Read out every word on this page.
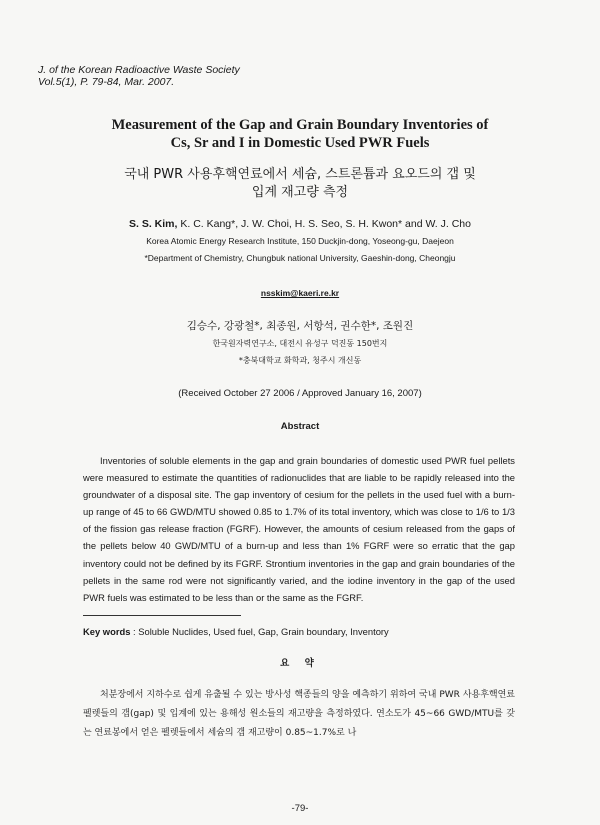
J. of the Korean Radioactive Waste Society
Vol.5(1), P. 79-84, Mar. 2007.
Measurement of the Gap and Grain Boundary Inventories of
Cs, Sr and I in Domestic Used PWR Fuels
국내 PWR 사용후핵연료에서 세슘, 스트론튬과 요오드의 갭 및
입계 재고량 측정
S. S. Kim, K. C. Kang*, J. W. Choi, H. S. Seo, S. H. Kwon* and W. J. Cho
Korea Atomic Energy Research Institute, 150 Duckjin-dong, Yoseong-gu, Daejeon
*Department of Chemistry, Chungbuk national University, Gaeshin-dong, Cheongju
nsskim@kaeri.re.kr
김승수, 강광철*, 최종원, 서항석, 권수한*, 조원진
한국원자력연구소, 대전시 유성구 덕진동 150번지
*충북대학교 화학과, 청주시 개신동
(Received October 27 2006 / Approved January 16, 2007)
Abstract

Inventories of soluble elements in the gap and grain boundaries of domestic used PWR fuel pellets were measured to estimate the quantities of radionuclides that are liable to be rapidly released into the groundwater of a disposal site. The gap inventory of cesium for the pellets in the used fuel with a burn-up range of 45 to 66 GWD/MTU showed 0.85 to 1.7% of its total inventory, which was close to 1/6 to 1/3 of the fission gas release fraction (FGRF). However, the amounts of cesium released from the gaps of the pellets below 40 GWD/MTU of a burn-up and less than 1% FGRF were so erratic that the gap inventory could not be defined by its FGRF. Strontium inventories in the gap and grain boundaries of the pellets in the same rod were not significantly varied, and the iodine inventory in the gap of the used PWR fuels was estimated to be less than or the same as the FGRF.

Key words : Soluble Nuclides, Used fuel, Gap, Grain boundary, Inventory
요 약

처분장에서 지하수로 쉽게 유출될 수 있는 방사성 핵종들의 양을 예측하기 위하여 국내 PWR 사용후핵연료 펠렛들의 갭(gap) 및 입계에 있는 용해성 원소들의 재고량을 측정하였다. 연소도가 45~66 GWD/MTU를 갖는 연료봉에서 얻은 펠렛들에서 세슘의 갭 재고량이 0.85~1.7%로 나

-79-
